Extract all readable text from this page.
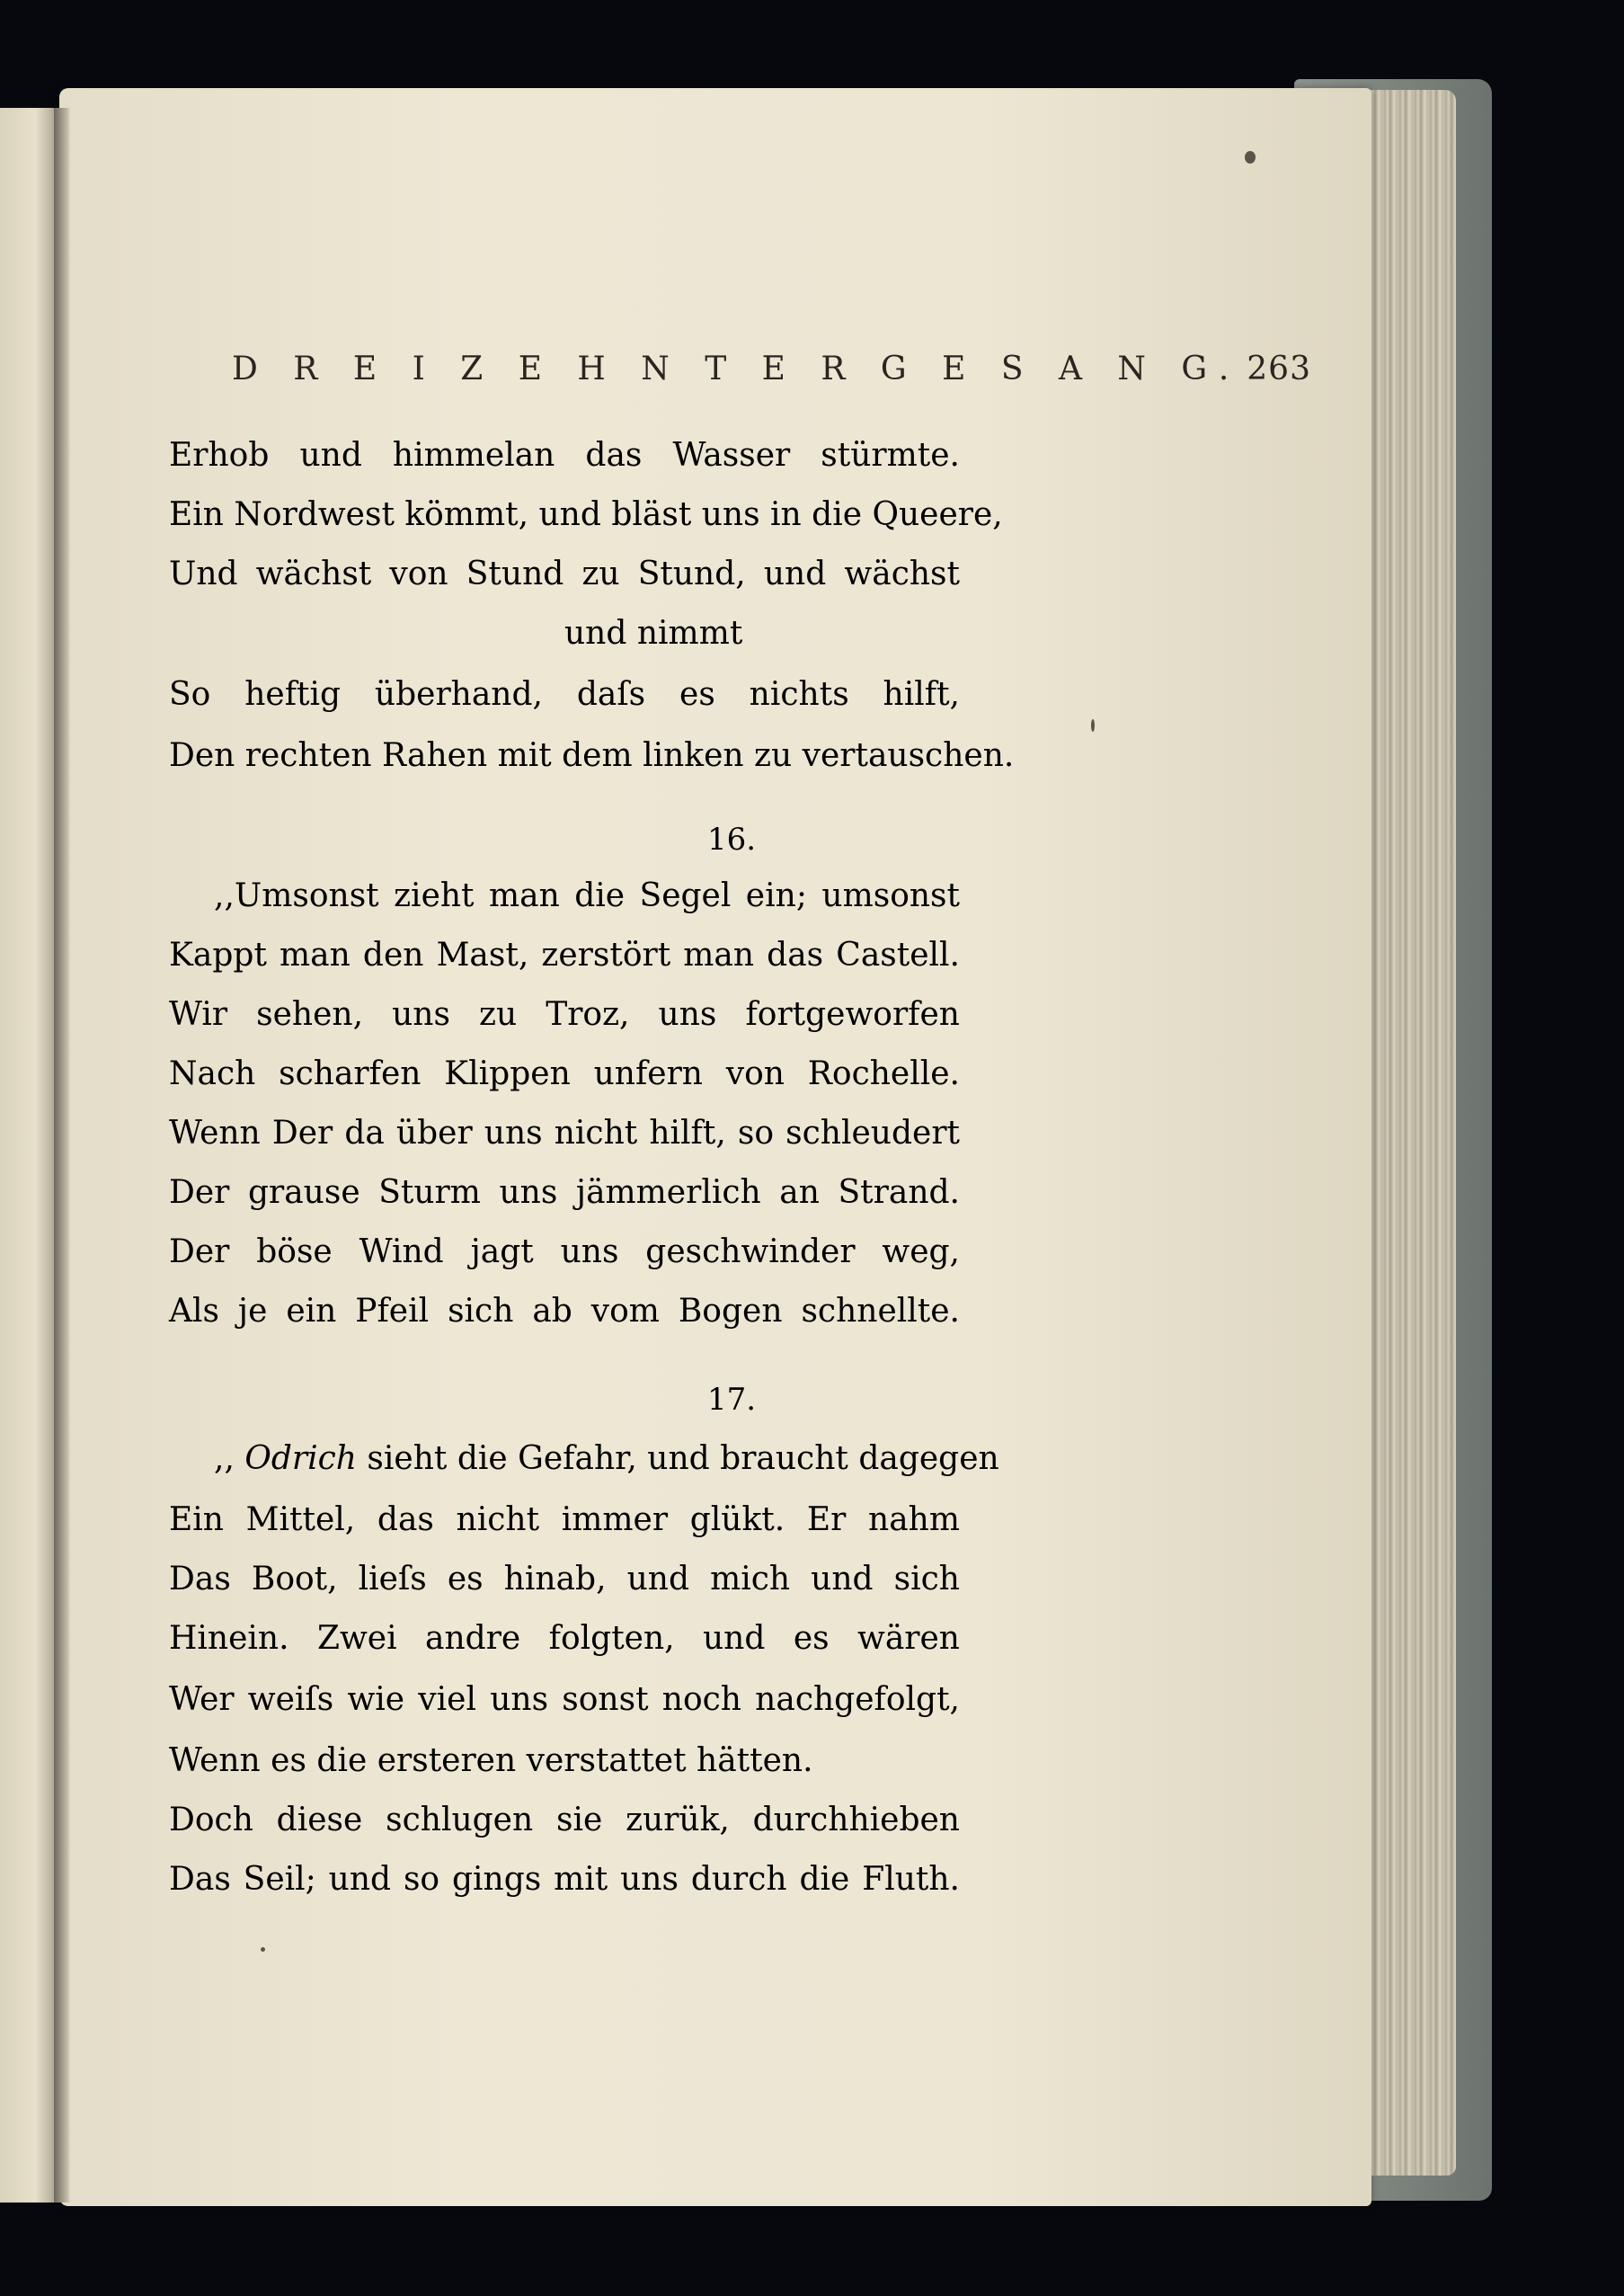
D R E I Z E H N T E R G E S A N G. 263
Erhob und himmelan das Wasser stürmte.
Ein Nordwest kömmt, und bläst uns in die Queere,
Und wächst von Stund zu Stund, und wächst
und nimmt
So heftig überhand, daſs es nichts hilft,
Den rechten Rahen mit dem linken zu vertauschen.
16.
,,Umsonst zieht man die Segel ein; umsonst
Kappt man den Mast, zerstört man das Castell.
Wir sehen, uns zu Troz, uns fortgeworfen
Nach scharfen Klippen unfern von Rochelle.
Wenn Der da über uns nicht hilft, so schleudert
Der grause Sturm uns jämmerlich an Strand.
Der böse Wind jagt uns geschwinder weg,
Als je ein Pfeil sich ab vom Bogen schnellte.
17.
,, Odrich sieht die Gefahr, und braucht dagegen
Ein Mittel, das nicht immer glükt. Er nahm
Das Boot, lieſs es hinab, und mich und sich
Hinein. Zwei andre folgten, und es wären
Wer weiſs wie viel uns sonst noch nachgefolgt,
Wenn es die ersteren verstattet hätten.
Doch diese schlugen sie zurük, durchhieben
Das Seil; und so gings mit uns durch die Fluth.
